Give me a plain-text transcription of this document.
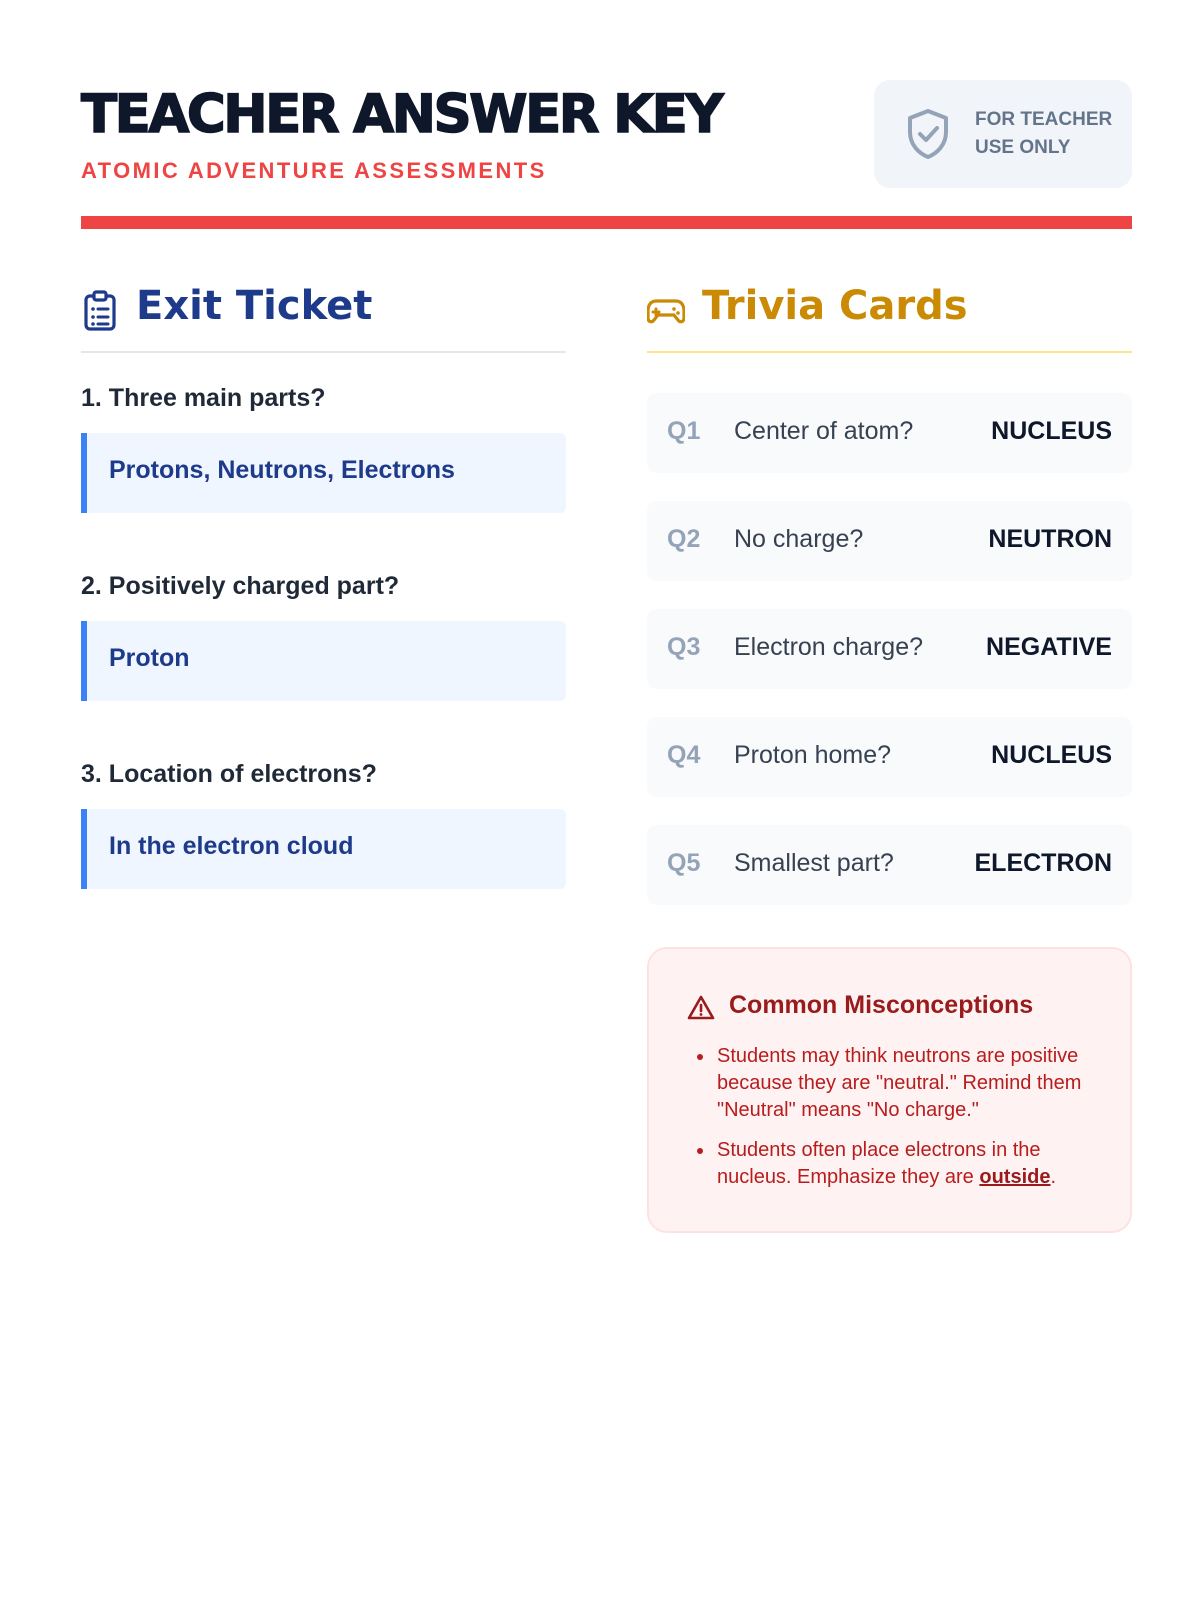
TEACHER ANSWER KEY
ATOMIC ADVENTURE ASSESSMENTS
FOR TEACHER USE ONLY
Exit Ticket
1. Three main parts?
Protons, Neutrons, Electrons
2. Positively charged part?
Proton
3. Location of electrons?
In the electron cloud
Trivia Cards
Q1 Center of atom?	NUCLEUS
Q2 No charge?	NEUTRON
Q3 Electron charge?	NEGATIVE
Q4 Proton home?	NUCLEUS
Q5 Smallest part?	ELECTRON
Common Misconceptions
Students may think neutrons are positive because they are "neutral." Remind them "Neutral" means "No charge."
Students often place electrons in the nucleus. Emphasize they are outside.
